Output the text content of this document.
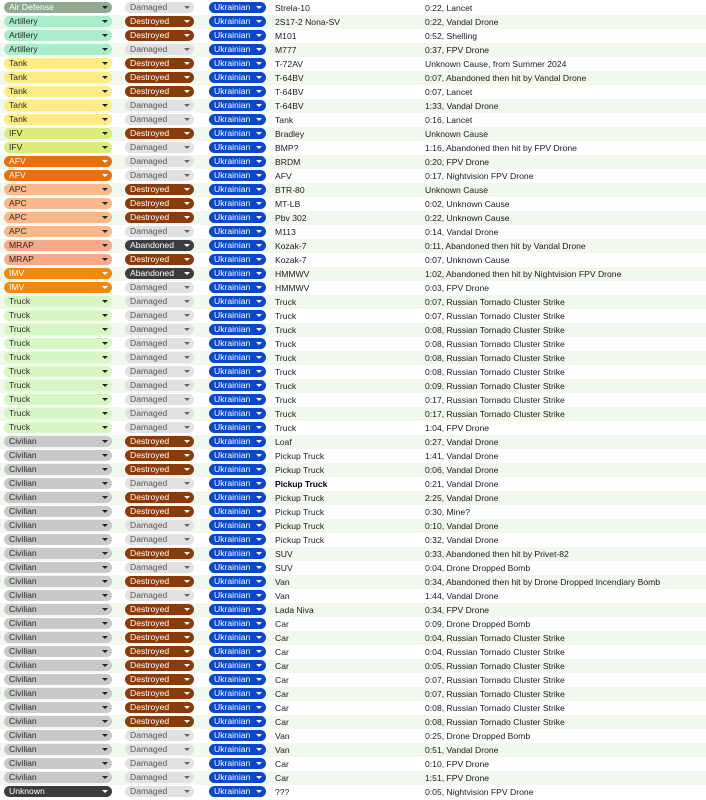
Air Defense	Damaged	Ukrainian	Strela-10	0:22, Lancet
Artillery	Destroyed	Ukrainian	2S17-2 Nona-SV	0:22, Vandal Drone
Artillery	Destroyed	Ukrainian	M101	0:52, Shelling
Artillery	Damaged	Ukrainian	M777	0:37, FPV Drone
Tank	Destroyed	Ukrainian	T-72AV	Unknown Cause, from Summer 2024
Tank	Destroyed	Ukrainian	T-64BV	0:07, Abandoned then hit by Vandal Drone
Tank	Destroyed	Ukrainian	T-64BV	0:07, Lancet
Tank	Damaged	Ukrainian	T-64BV	1:33, Vandal Drone
Tank	Damaged	Ukrainian	Tank	0:16, Lancet
IFV	Destroyed	Ukrainian	Bradley	Unknown Cause
IFV	Damaged	Ukrainian	BMP?	1:16, Abandoned then hit by FPV Drone
AFV	Damaged	Ukrainian	BRDM	0:20, FPV Drone
AFV	Damaged	Ukrainian	AFV	0:17, Nightvision FPV Drone
APC	Destroyed	Ukrainian	BTR-80	Unknown Cause
APC	Destroyed	Ukrainian	MT-LB	0:02, Unknown Cause
APC	Destroyed	Ukrainian	Pbv 302	0:22, Unknown Cause
APC	Damaged	Ukrainian	M113	0:14, Vandal Drone
MRAP	Abandoned	Ukrainian	Kozak-7	0:11, Abandoned then hit by Vandal Drone
MRAP	Destroyed	Ukrainian	Kozak-7	0:07, Unknown Cause
IMV	Abandoned	Ukrainian	HMMWV	1:02, Abandoned then hit by Nightvision FPV Drone
IMV	Damaged	Ukrainian	HMMWV	0:03, FPV Drone
Truck	Damaged	Ukrainian	Truck	0:07, Russian Tornado Cluster Strike
Truck	Damaged	Ukrainian	Truck	0:07, Russian Tornado Cluster Strike
Truck	Damaged	Ukrainian	Truck	0:08, Russian Tornado Cluster Strike
Truck	Damaged	Ukrainian	Truck	0:08, Russian Tornado Cluster Strike
Truck	Damaged	Ukrainian	Truck	0:08, Russian Tornado Cluster Strike
Truck	Damaged	Ukrainian	Truck	0:08, Russian Tornado Cluster Strike
Truck	Damaged	Ukrainian	Truck	0:09, Russian Tornado Cluster Strike
Truck	Damaged	Ukrainian	Truck	0:17, Russian Tornado Cluster Strike
Truck	Damaged	Ukrainian	Truck	0:17, Russian Tornado Cluster Strike
Truck	Damaged	Ukrainian	Truck	1:04, FPV Drone
Civilian	Destroyed	Ukrainian	Loaf	0:27, Vandal Drone
Civilian	Destroyed	Ukrainian	Pickup Truck	1:41, Vandal Drone
Civilian	Destroyed	Ukrainian	Pickup Truck	0:06, Vandal Drone
Civilian	Damaged	Ukrainian	Pickup Truck	0:21, Vandal Drone
Civilian	Destroyed	Ukrainian	Pickup Truck	2:25, Vandal Drone
Civilian	Destroyed	Ukrainian	Pickup Truck	0:30, Mine?
Civilian	Damaged	Ukrainian	Pickup Truck	0:10, Vandal Drone
Civilian	Damaged	Ukrainian	Pickup Truck	0:32, Vandal Drone
Civilian	Destroyed	Ukrainian	SUV	0:33, Abandoned then hit by Privet-82
Civilian	Damaged	Ukrainian	SUV	0:04, Drone Dropped Bomb
Civilian	Destroyed	Ukrainian	Van	0:34, Abandoned then hit by Drone Dropped Incendiary Bomb
Civilian	Damaged	Ukrainian	Van	1:44, Vandal Drone
Civilian	Destroyed	Ukrainian	Lada Niva	0:34, FPV Drone
Civilian	Destroyed	Ukrainian	Car	0:09, Drone Dropped Bomb
Civilian	Destroyed	Ukrainian	Car	0:04, Russian Tornado Cluster Strike
Civilian	Destroyed	Ukrainian	Car	0:04, Russian Tornado Cluster Strike
Civilian	Destroyed	Ukrainian	Car	0:05, Russian Tornado Cluster Strike
Civilian	Destroyed	Ukrainian	Car	0:07, Russian Tornado Cluster Strike
Civilian	Destroyed	Ukrainian	Car	0:07, Russian Tornado Cluster Strike
Civilian	Destroyed	Ukrainian	Car	0:08, Russian Tornado Cluster Strike
Civilian	Destroyed	Ukrainian	Car	0:08, Russian Tornado Cluster Strike
Civilian	Damaged	Ukrainian	Van	0:25, Drone Dropped Bomb
Civilian	Damaged	Ukrainian	Van	0:51, Vandal Drone
Civilian	Damaged	Ukrainian	Car	0:10, FPV Drone
Civilian	Damaged	Ukrainian	Car	1:51, FPV Drone
Unknown	Damaged	Ukrainian	???	0:05, Nightvision FPV Drone
